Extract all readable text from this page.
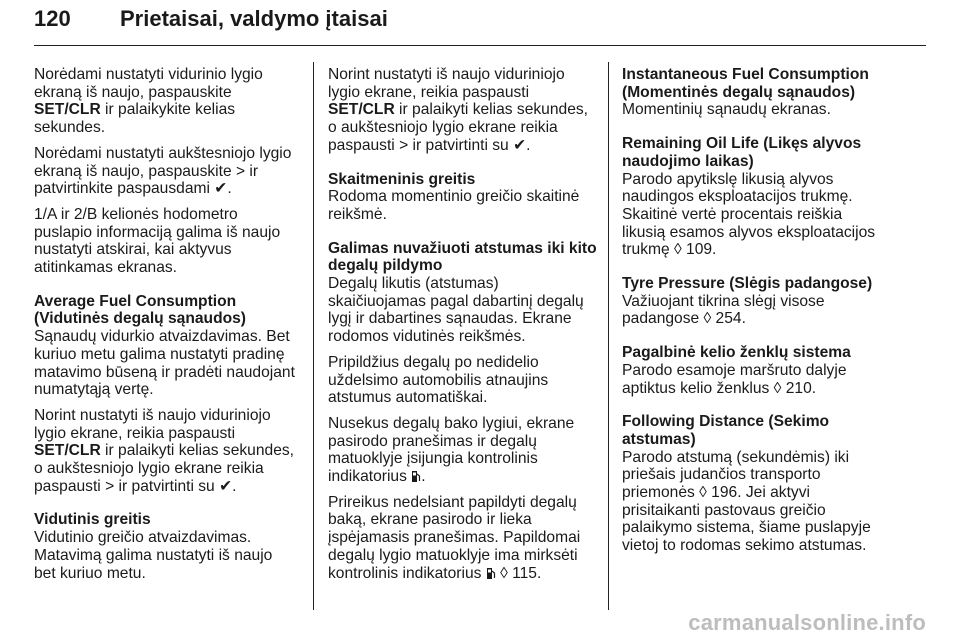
120 Prietaisai, valdymo įtaisai

Norėdami nustatyti vidurinio lygio
ekraną iš naujo, paspauskite
SET/CLR ir palaikykite kelias
sekundes.

Norėdami nustatyti aukštesniojo lygio
ekraną iš naujo, paspauskite > ir
patvirtinkite paspausdami ✔.

1/A ir 2/B kelionės hodometro
puslapio informaciją galima iš naujo
nustatyti atskirai, kai aktyvus
atitinkamas ekranas.

Average Fuel Consumption
(Vidutinės degalų sąnaudos)

Sąnaudų vidurkio atvaizdavimas. Bet
kuriuo metu galima nustatyti pradinę
matavimo būseną ir pradėti naudojant
numatytąją vertę.

Norint nustatyti iš naujo viduriniojo
lygio ekrane, reikia paspausti
SET/CLR ir palaikyti kelias sekundes,
o aukštesniojo lygio ekrane reikia
paspausti > ir patvirtinti su ✔.

Vidutinis greitis

Vidutinio greičio atvaizdavimas.
Matavimą galima nustatyti iš naujo
bet kuriuo metu.

Norint nustatyti iš naujo viduriniojo
lygio ekrane, reikia paspausti
SET/CLR ir palaikyti kelias sekundes,
o aukštesniojo lygio ekrane reikia
paspausti > ir patvirtinti su ✔.

Skaitmeninis greitis

Rodoma momentinio greičio skaitinė
reikšmė.

Galimas nuvažiuoti atstumas iki kito
degalų pildymo

Degalų likutis (atstumas)
skaičiuojamas pagal dabartinį degalų
lygį ir dabartines sąnaudas. Ekrane
rodomos vidutinės reikšmės.

Pripildžius degalų po nedidelio
uždelsimo automobilis atnaujins
atstumus automatiškai.

Nusekus degalų bako lygiui, ekrane
pasirodo pranešimas ir degalų
matuoklyje įsijungia kontrolinis
indikatorius .

Prireikus nedelsiant papildyti degalų
baką, ekrane pasirodo ir lieka
įspėjamasis pranešimas. Papildomai
degalų lygio matuoklyje ima mirksėti
kontrolinis indikatorius  ◊ 115.

Instantaneous Fuel Consumption
(Momentinės degalų sąnaudos)

Momentinių sąnaudų ekranas.

Remaining Oil Life (Likęs alyvos
naudojimo laikas)

Parodo apytikslę likusią alyvos
naudingos eksploatacijos trukmę.
Skaitinė vertė procentais reiškia
likusią esamos alyvos eksploatacijos
trukmę ◊ 109.

Tyre Pressure (Slėgis padangose)

Važiuojant tikrina slėgį visose
padangose ◊ 254.

Pagalbinė kelio ženklų sistema

Parodo esamoje maršruto dalyje
aptiktus kelio ženklus ◊ 210.

Following Distance (Sekimo
atstumas)

Parodo atstumą (sekundėmis) iki
priešais judančios transporto
priemonės ◊ 196. Jei aktyvi
prisitaikanti pastovaus greičio
palaikymo sistema, šiame puslapyje
vietoj to rodomas sekimo atstumas.

carmanualsonline.info
